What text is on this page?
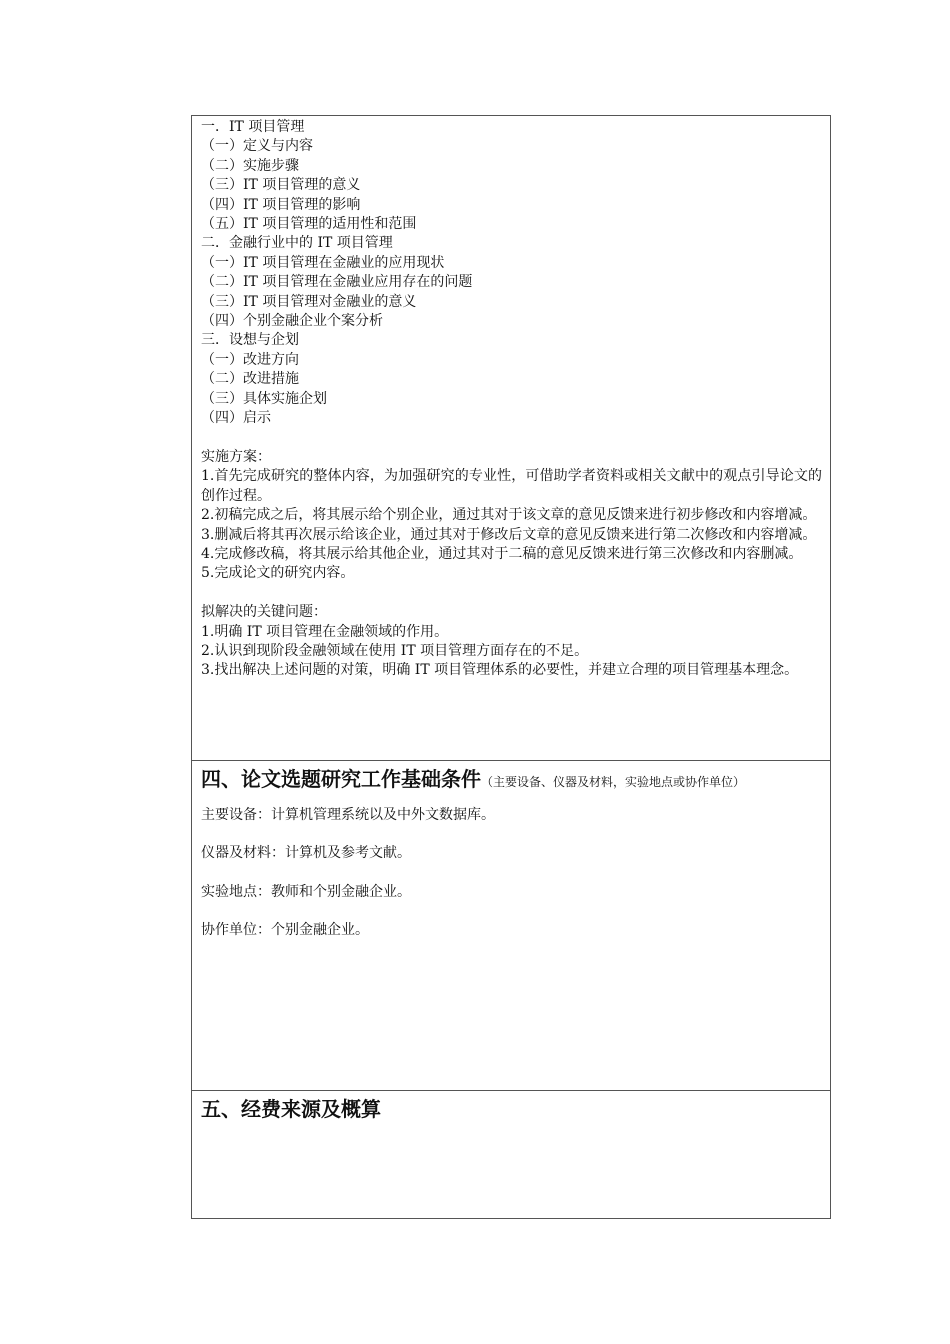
一．IT 项目管理
（一）定义与内容
（二）实施步骤
（三）IT 项目管理的意义
（四）IT 项目管理的影响
（五）IT 项目管理的适用性和范围
二．金融行业中的 IT 项目管理
（一）IT 项目管理在金融业的应用现状
（二）IT 项目管理在金融业应用存在的问题
（三）IT 项目管理对金融业的意义
（四）个别金融企业个案分析
三．设想与企划
（一）改进方向
（二）改进措施
（三）具体实施企划
（四）启示
实施方案：
1.首先完成研究的整体内容，为加强研究的专业性，可借助学者资料或相关文献中的观点引导论文的创作过程。
2.初稿完成之后，将其展示给个别企业，通过其对于该文章的意见反馈来进行初步修改和内容增减。
3.删减后将其再次展示给该企业，通过其对于修改后文章的意见反馈来进行第二次修改和内容增减。
4.完成修改稿，将其展示给其他企业，通过其对于二稿的意见反馈来进行第三次修改和内容删减。
5.完成论文的研究内容。
拟解决的关键问题：
1.明确 IT 项目管理在金融领域的作用。
2.认识到现阶段金融领域在使用 IT 项目管理方面存在的不足。
3.找出解决上述问题的对策，明确 IT 项目管理体系的必要性，并建立合理的项目管理基本理念。
四、论文选题研究工作基础条件（主要设备、仪器及材料，实验地点或协作单位）
主要设备：计算机管理系统以及中外文数据库。
仪器及材料：计算机及参考文献。
实验地点：教师和个别金融企业。
协作单位：个别金融企业。
五、经费来源及概算
